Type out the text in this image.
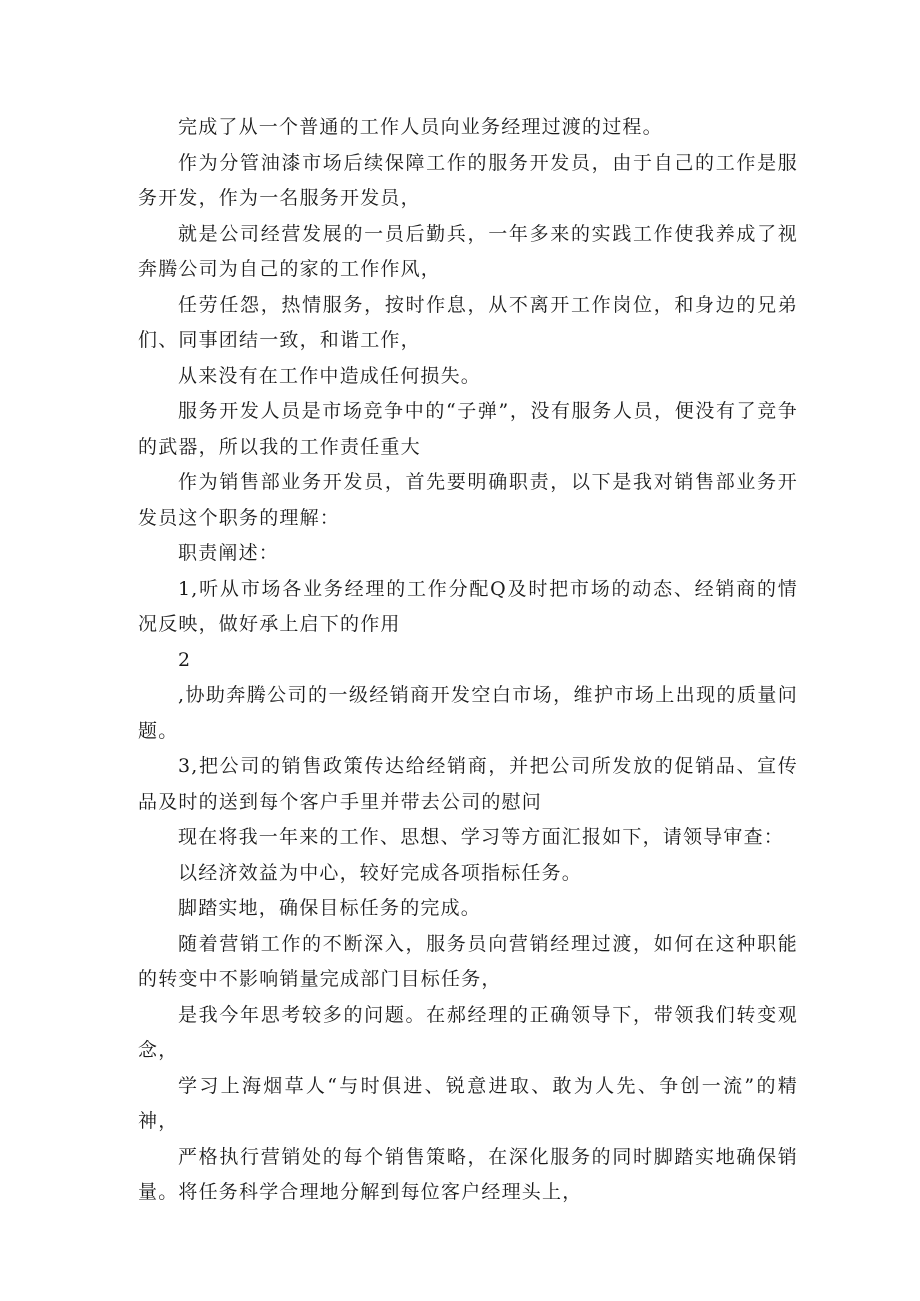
完成了从一个普通的工作人员向业务经理过渡的过程。

作为分管油漆市场后续保障工作的服务开发员，由于自己的工作是服务开发，作为一名服务开发员，

就是公司经营发展的一员后勤兵，一年多来的实践工作使我养成了视奔腾公司为自己的家的工作作风，

任劳任怨，热情服务，按时作息，从不离开工作岗位，和身边的兄弟们、同事团结一致，和谐工作，

从来没有在工作中造成任何损失。

服务开发人员是市场竞争中的“子弹”，没有服务人员，便没有了竞争的武器，所以我的工作责任重大

作为销售部业务开发员，首先要明确职责，以下是我对销售部业务开发员这个职务的理解：

职责阐述：

1,听从市场各业务经理的工作分配Q及时把市场的动态、经销商的情况反映，做好承上启下的作用

2

,协助奔腾公司的一级经销商开发空白市场，维护市场上出现的质量问题。

3,把公司的销售政策传达给经销商，并把公司所发放的促销品、宣传品及时的送到每个客户手里并带去公司的慰问

现在将我一年来的工作、思想、学习等方面汇报如下，请领导审查：

以经济效益为中心，较好完成各项指标任务。

脚踏实地，确保目标任务的完成。

随着营销工作的不断深入，服务员向营销经理过渡，如何在这种职能的转变中不影响销量完成部门目标任务，

是我今年思考较多的问题。在郝经理的正确领导下，带领我们转变观念，

学习上海烟草人“与时俱进、锐意进取、敢为人先、争创一流”的精神，

严格执行营销处的每个销售策略，在深化服务的同时脚踏实地确保销量。将任务科学合理地分解到每位客户经理头上，
